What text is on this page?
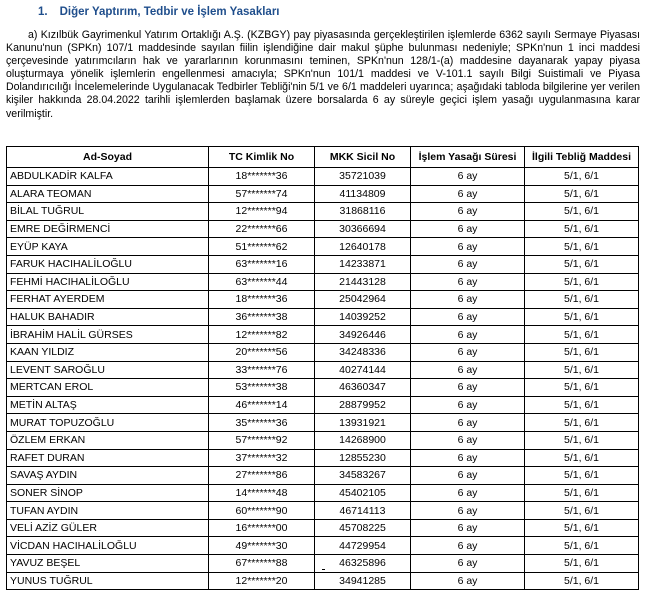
1. Diğer Yaptırım, Tedbir ve İşlem Yasakları
a) Kızılbük Gayrimenkul Yatırım Ortaklığı A.Ş. (KZBGY) pay piyasasında gerçekleştirilen işlemlerde 6362 sayılı Sermaye Piyasası Kanunu'nun (SPKn) 107/1 maddesinde sayılan fiilin işlendiğine dair makul şüphe bulunması nedeniyle; SPKn'nun 1 inci maddesi çerçevesinde yatırımcıların hak ve yararlarının korunmasını teminen, SPKn'nun 128/1-(a) maddesine dayanarak yapay piyasa oluşturmaya yönelik işlemlerin engellenmesi amacıyla; SPKn'nun 101/1 maddesi ve V-101.1 sayılı Bilgi Suistimali ve Piyasa Dolandırıcılığı İncelemelerinde Uygulanacak Tedbirler Tebliği'nin 5/1 ve 6/1 maddeleri uyarınca; aşağıdaki tabloda bilgilerine yer verilen kişiler hakkında 28.04.2022 tarihli işlemlerden başlamak üzere borsalarda 6 ay süreyle geçici işlem yasağı uygulanmasına karar verilmiştir.
Ad-Soyad	TC Kimlik No	MKK Sicil No	İşlem Yasağı Süresi	İlgili Tebliğ Maddesi
ABDULKADİR KALFA	18*******36	35721039	6 ay	5/1, 6/1
ALARA TEOMAN	57*******74	41134809	6 ay	5/1, 6/1
BİLAL TUĞRUL	12*******94	31868116	6 ay	5/1, 6/1
EMRE DEĞİRMENCİ	22*******66	30366694	6 ay	5/1, 6/1
EYÜP KAYA	51*******62	12640178	6 ay	5/1, 6/1
FARUK HACIHALİLOĞLU	63*******16	14233871	6 ay	5/1, 6/1
FEHMİ HACIHALİLOĞLU	63*******44	21443128	6 ay	5/1, 6/1
FERHAT AYERDEM	18*******36	25042964	6 ay	5/1, 6/1
HALUK BAHADIR	36*******38	14039252	6 ay	5/1, 6/1
İBRAHİM HALİL GÜRSES	12*******82	34926446	6 ay	5/1, 6/1
KAAN YILDIZ	20*******56	34248336	6 ay	5/1, 6/1
LEVENT SAROĞLU	33*******76	40274144	6 ay	5/1, 6/1
MERTCAN EROL	53*******38	46360347	6 ay	5/1, 6/1
METİN ALTAŞ	46*******14	28879952	6 ay	5/1, 6/1
MURAT TOPUZOĞLU	35*******36	13931921	6 ay	5/1, 6/1
ÖZLEM ERKAN	57*******92	14268900	6 ay	5/1, 6/1
RAFET DURAN	37*******32	12855230	6 ay	5/1, 6/1
SAVAŞ AYDIN	27*******86	34583267	6 ay	5/1, 6/1
SONER SİNOP	14*******48	45402105	6 ay	5/1, 6/1
TUFAN AYDIN	60*******90	46714113	6 ay	5/1, 6/1
VELİ AZİZ GÜLER	16*******00	45708225	6 ay	5/1, 6/1
VİCDAN HACIHALİLOĞLU	49*******30	44729954	6 ay	5/1, 6/1
YAVUZ BEŞEL	67*******88	46325896	6 ay	5/1, 6/1
YUNUS TUĞRUL	12*******20	34941285	6 ay	5/1, 6/1
